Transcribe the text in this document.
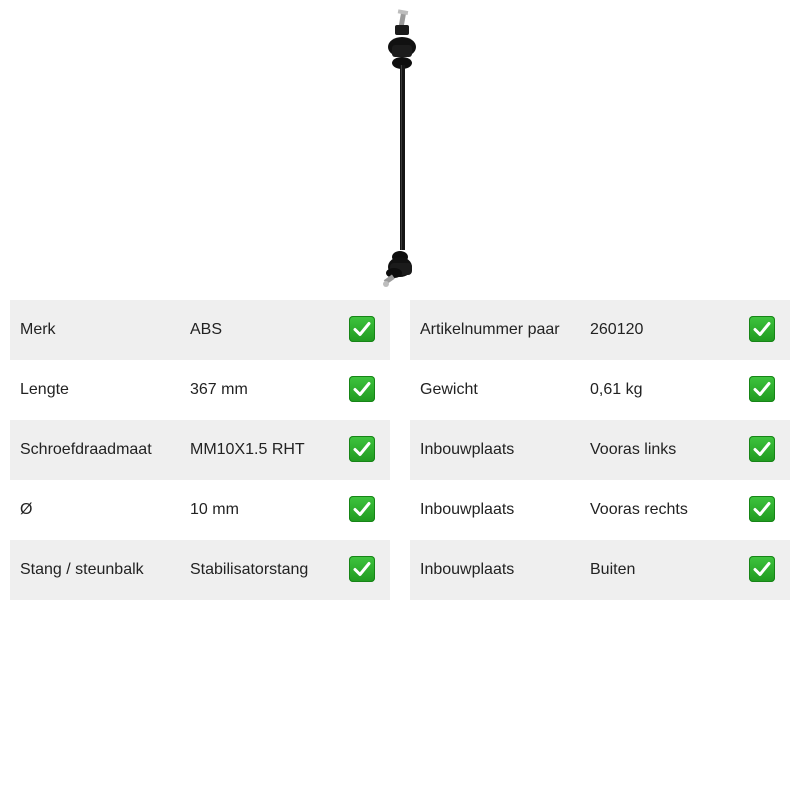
Merk	ABS
Lengte	367 mm
Schroefdraadmaat MM10X1.5 RHT
Ø	10 mm
Stang / steunbalk	Stabilisatorstang
Artikelnummer paar 260120
Gewicht	0,61 kg
Inbouwplaats	Vooras links
Inbouwplaats	Vooras rechts
Inbouwplaats	Buiten
